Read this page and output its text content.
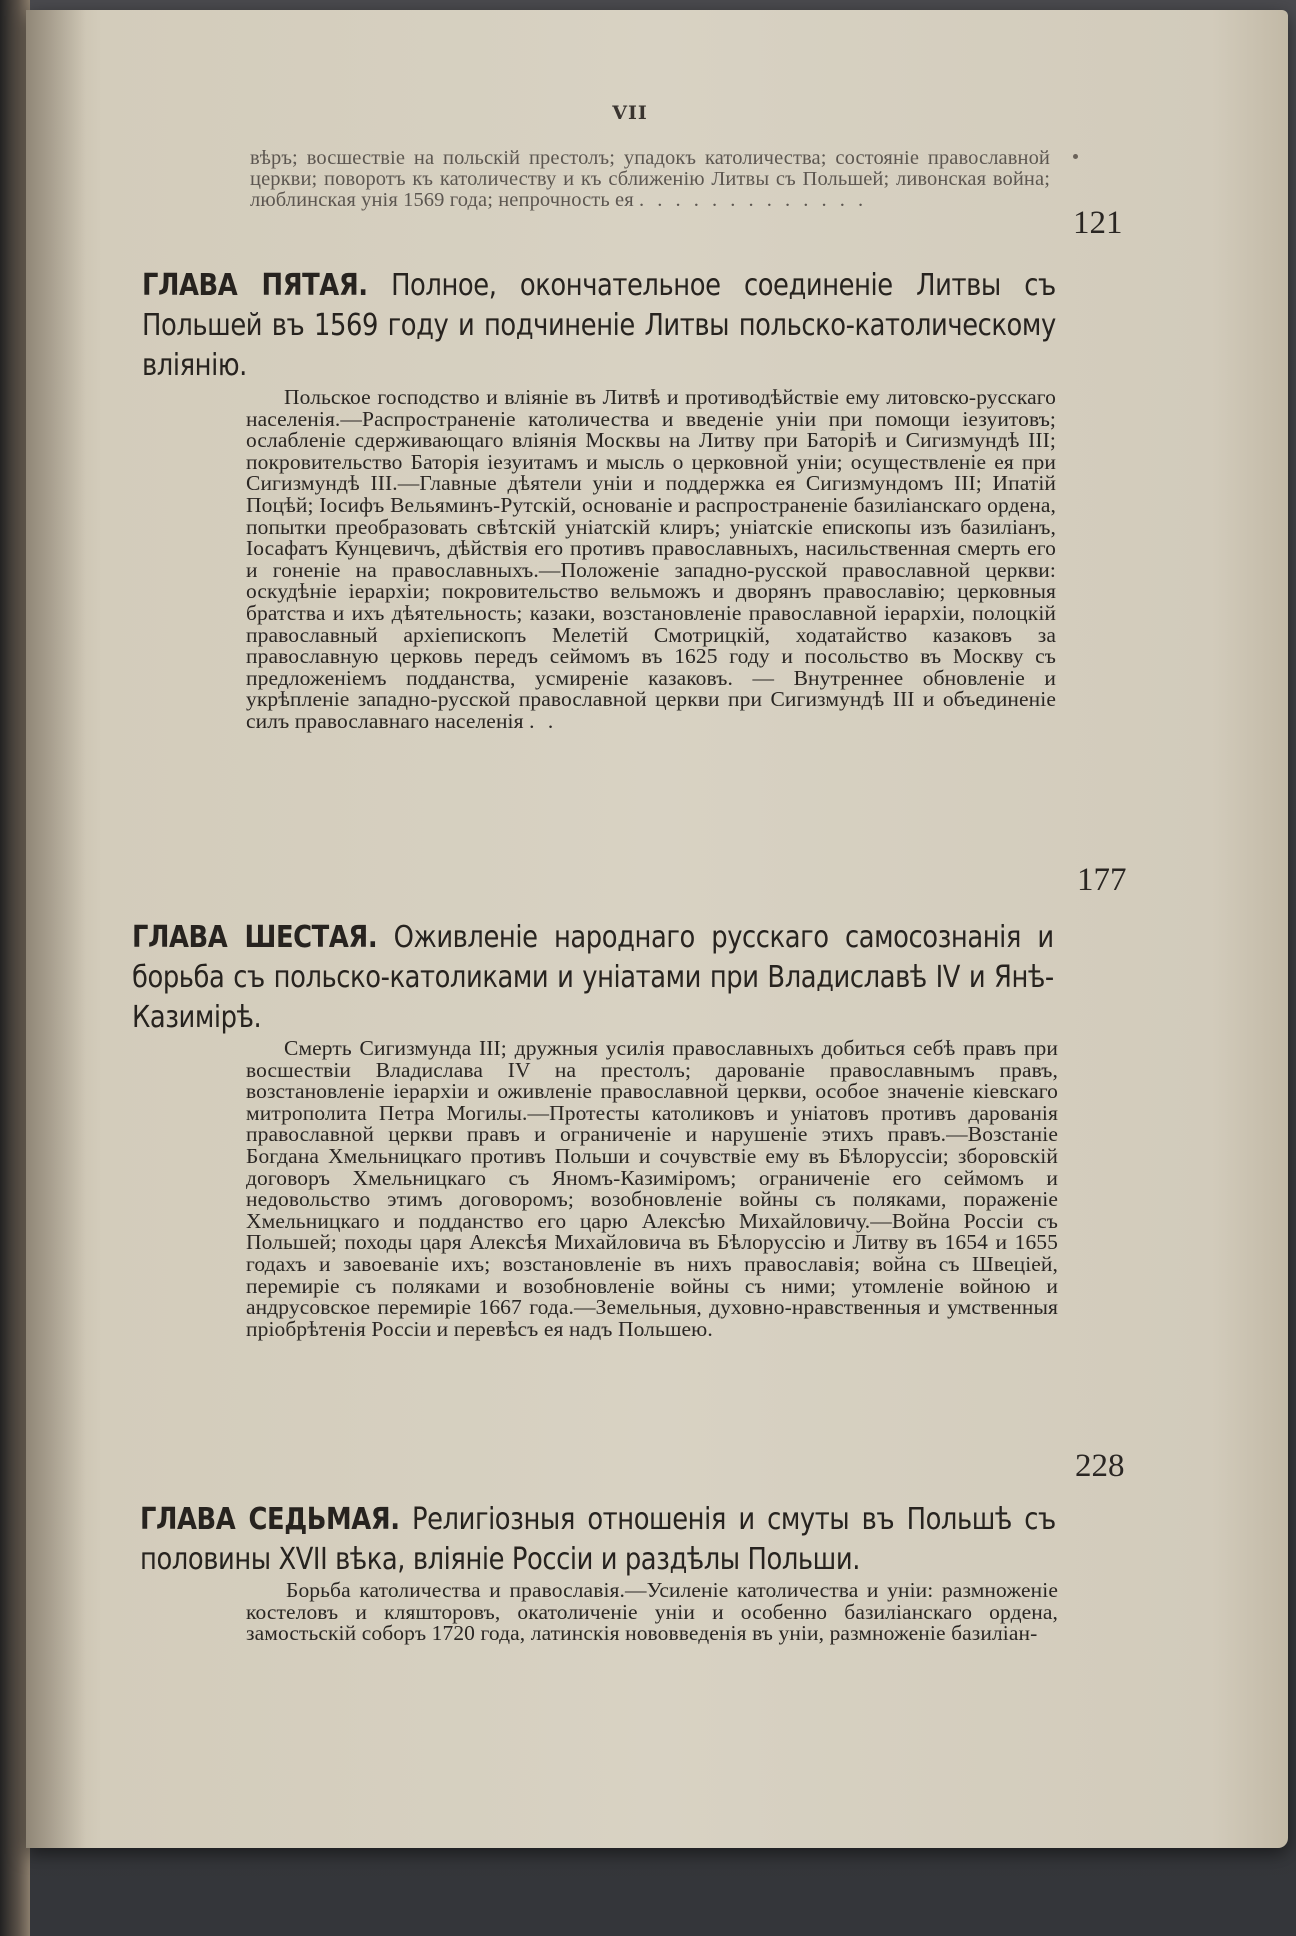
VII
вѣръ; восшествіе на польскій престолъ; упадокъ католичества; состояніе православной церкви; поворотъ къ католичеству и къ сближенію Литвы съ Польшей; ливонская война; люблинская унія 1569 года; непрочность ея . . . . . . . . . . . . .
121
ГЛАВА ПЯТАЯ. Полное, окончательное соединеніе Литвы съ Польшей въ 1569 году и подчиненіе Литвы польско-католическому вліянію.
Польское господство и вліяніе въ Литвѣ и противодѣйствіе ему литовско-русскаго населенія.—Распространеніе католичества и введеніе уніи при помощи іезуитовъ; ослабленіе сдерживающаго вліянія Москвы на Литву при Баторіѣ и Сигизмундѣ III; покровительство Баторія іезуитамъ и мысль о церковной уніи; осуществленіе ея при Сигизмундѣ III.—Главные дѣятели уніи и поддержка ея Сигизмундомъ III; Ипатій Поцѣй; Іосифъ Вельяминъ-Рутскій, основаніе и распространеніе базиліанскаго ордена, попытки преобразовать свѣтскій уніатскій клиръ; уніатскіе епископы изъ базиліанъ, Іосафатъ Кунцевичъ, дѣйствія его противъ православныхъ, насильственная смерть его и гоненіе на православныхъ.—Положеніе западно-русской православной церкви: оскудѣніе іерархіи; покровительство вельможъ и дворянъ православію; церковныя братства и ихъ дѣятельность; казаки, возстановленіе православной іерархіи, полоцкій православный архіепископъ Мелетій Смотрицкій, ходатайство казаковъ за православную церковь передъ сеймомъ въ 1625 году и посольство въ Москву съ предложеніемъ подданства, усмиреніе казаковъ. — Внутреннее обновленіе и укрѣпленіе западно-русской православной церкви при Сигизмундѣ III и объединеніе силъ православнаго населенія . .
177
ГЛАВА ШЕСТАЯ. Оживленіе народнаго русскаго самосознанія и борьба съ польско-католиками и уніатами при Владиславѣ IV и Янѣ-Казимірѣ.
Смерть Сигизмунда III; дружныя усилія православныхъ добиться себѣ правъ при восшествіи Владислава IV на престолъ; дарованіе православнымъ правъ, возстановленіе іерархіи и оживленіе православной церкви, особое значеніе кіевскаго митрополита Петра Могилы.—Протесты католиковъ и уніатовъ противъ дарованія православной церкви правъ и ограниченіе и нарушеніе этихъ правъ.—Возстаніе Богдана Хмельницкаго противъ Польши и сочувствіе ему въ Бѣлоруссіи; зборовскій договоръ Хмельницкаго съ Яномъ-Казиміромъ; ограниченіе его сеймомъ и недовольство этимъ договоромъ; возобновленіе войны съ поляками, пораженіе Хмельницкаго и подданство его царю Алексѣю Михайловичу.—Война Россіи съ Польшей; походы царя Алексѣя Михайловича въ Бѣлоруссію и Литву въ 1654 и 1655 годахъ и завоеваніе ихъ; возстановленіе въ нихъ православія; война съ Швеціей, перемиріе съ поляками и возобновленіе войны съ ними; утомленіе войною и андрусовское перемиріе 1667 года.—Земельныя, духовно-нравственныя и умственныя пріобрѣтенія Россіи и перевѣсъ ея надъ Польшею.
228
ГЛАВА СЕДЬМАЯ. Религіозныя отношенія и смуты въ Польшѣ съ половины XVII вѣка, вліяніе Россіи и раздѣлы Польши.
Борьба католичества и православія.—Усиленіе католичества и уніи: размноженіе костеловъ и кляшторовъ, окатоличеніе уніи и особенно базиліанскаго ордена, замостьскій соборъ 1720 года, латинскія нововведенія въ уніи, размноженіе базиліан-
